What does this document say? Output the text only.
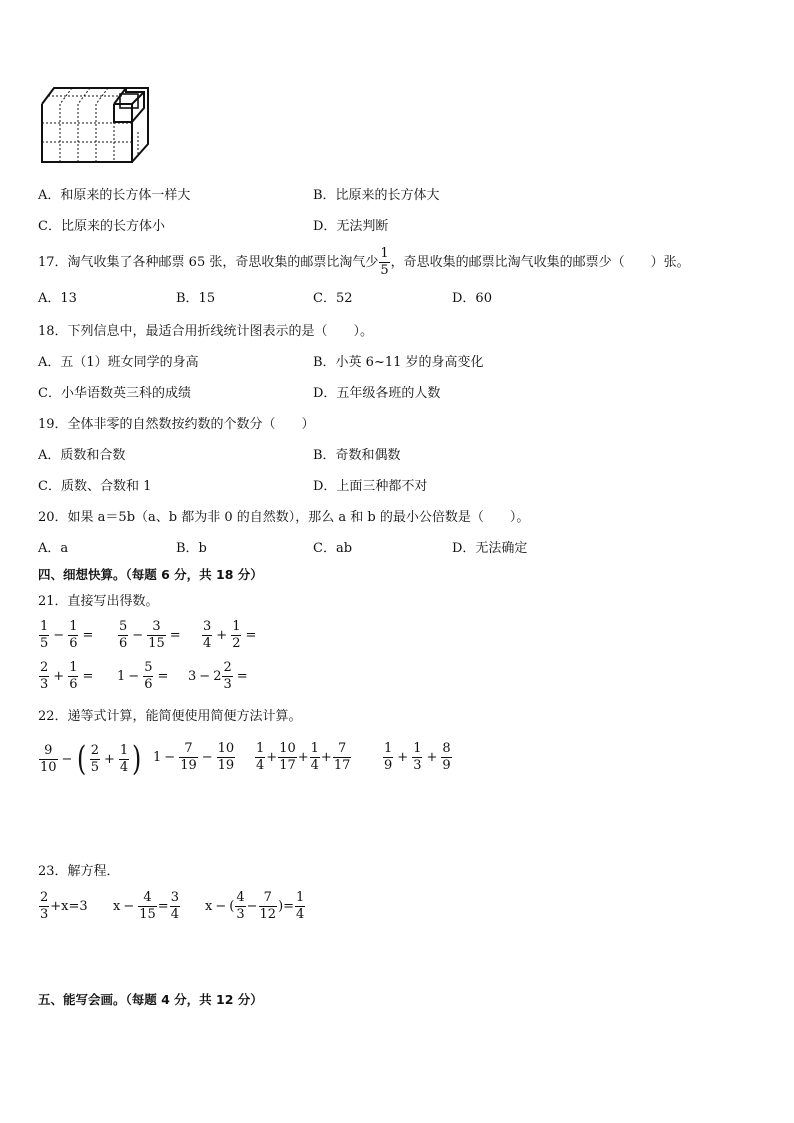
A．和原来的长方体一样大	B．比原来的长方体大
C．比原来的长方体小	D．无法判断
17．淘气收集了各种邮票 65 张，奇思收集的邮票比淘气少 $\frac{1}{5}$ ，奇思收集的邮票比淘气收集的邮票少（　　）张。
A．13	B．15	C．52	D．60
18．下列信息中，最适合用折线统计图表示的是（　　）。
A．五（1）班女同学的身高	B．小英 6~11 岁的身高变化
C．小华语数英三科的成绩	D．五年级各班的人数
19．全体非零的自然数按约数的个数分（　　）
A．质数和合数	B．奇数和偶数
C．质数、合数和 1	D．上面三种都不对
20．如果 a＝5b（a、b 都为非 0 的自然数），那么 a 和 b 的最小公倍数是（　　）。
A．a	B．b	C．ab	D．无法确定
四、细想快算。（每题 6 分，共 18 分）
21．直接写出得数。
$\frac{1}{5} - \frac{1}{6} = \frac{5}{6} - \frac{3}{15} = \frac{3}{4} + \frac{1}{2}$ =
$\frac{2}{3} + \frac{1}{6} = 1 - \frac{5}{6} = 3 - 2 \frac{2}{3}$ =
22．递等式计算，能简便使用简便方法计算。
$\frac{9}{10}$ − ( $\frac{2}{5} + \frac{1}{4}$ ) $1 - \frac{7}{19} - \frac{10}{19} \frac{1}{4} + \frac{10}{17} + \frac{1}{4} + \frac{7}{17} \frac{1}{9} + \frac{1}{3} + \frac{8}{9}$
23．解方程．
$\frac{2}{3} +x=3$ $x - \frac{4}{15} = \frac{3}{4}$ x − ( $\frac{4}{3} - \frac{7}{12}$ ) = $\frac{1}{4}$
五、能写会画。（每题 4 分，共 12 分）
